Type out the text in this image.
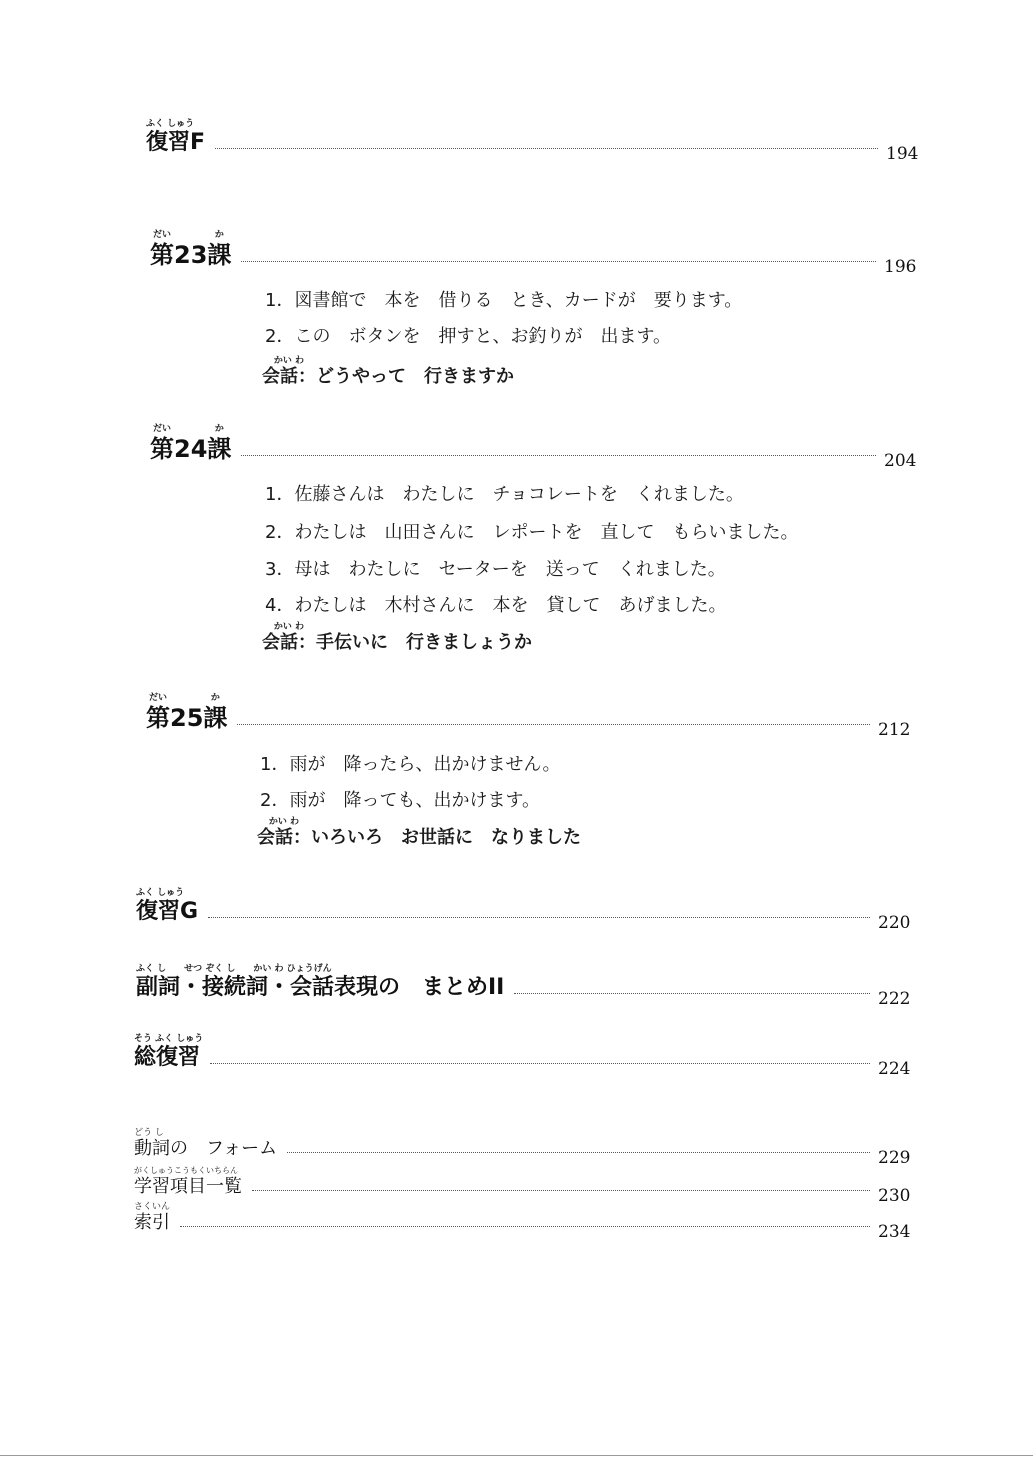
ふく しゅう
復習F	194
だい
第23
か
課	196
1．図書館で　本を　借りる　とき、カードが　要ります。
2．この　ボタンを　押すと、お釣りが　出ます。
かい わ
会話：どうやって　行きますか
だい
第24
か
課	204
1．佐藤さんは　わたしに　チョコレートを　くれました。
2．わたしは　山田さんに　レポートを　直して　もらいました。
3．母は　わたしに　セーターを　送って　くれました。
4．わたしは　木村さんに　本を　貸して　あげました。
かい わ
会話：手伝いに　行きましょうか
だい
第25
か
課	212
1．雨が　降ったら、出かけません。
2．雨が　降っても、出かけます。
かい わ
会話：いろいろ　お世話に　なりました
ふく しゅう
復習G	220
ふく し　　せつ ぞく し　　かい わ ひょうげん
副詞・接続詞・会話表現の　まとめII	222
そう ふく しゅう
総復習	224
どう し
動詞の　フォーム	229
がくしゅうこうもくいちらん
学習項目一覧	230
さくいん
索引	234
